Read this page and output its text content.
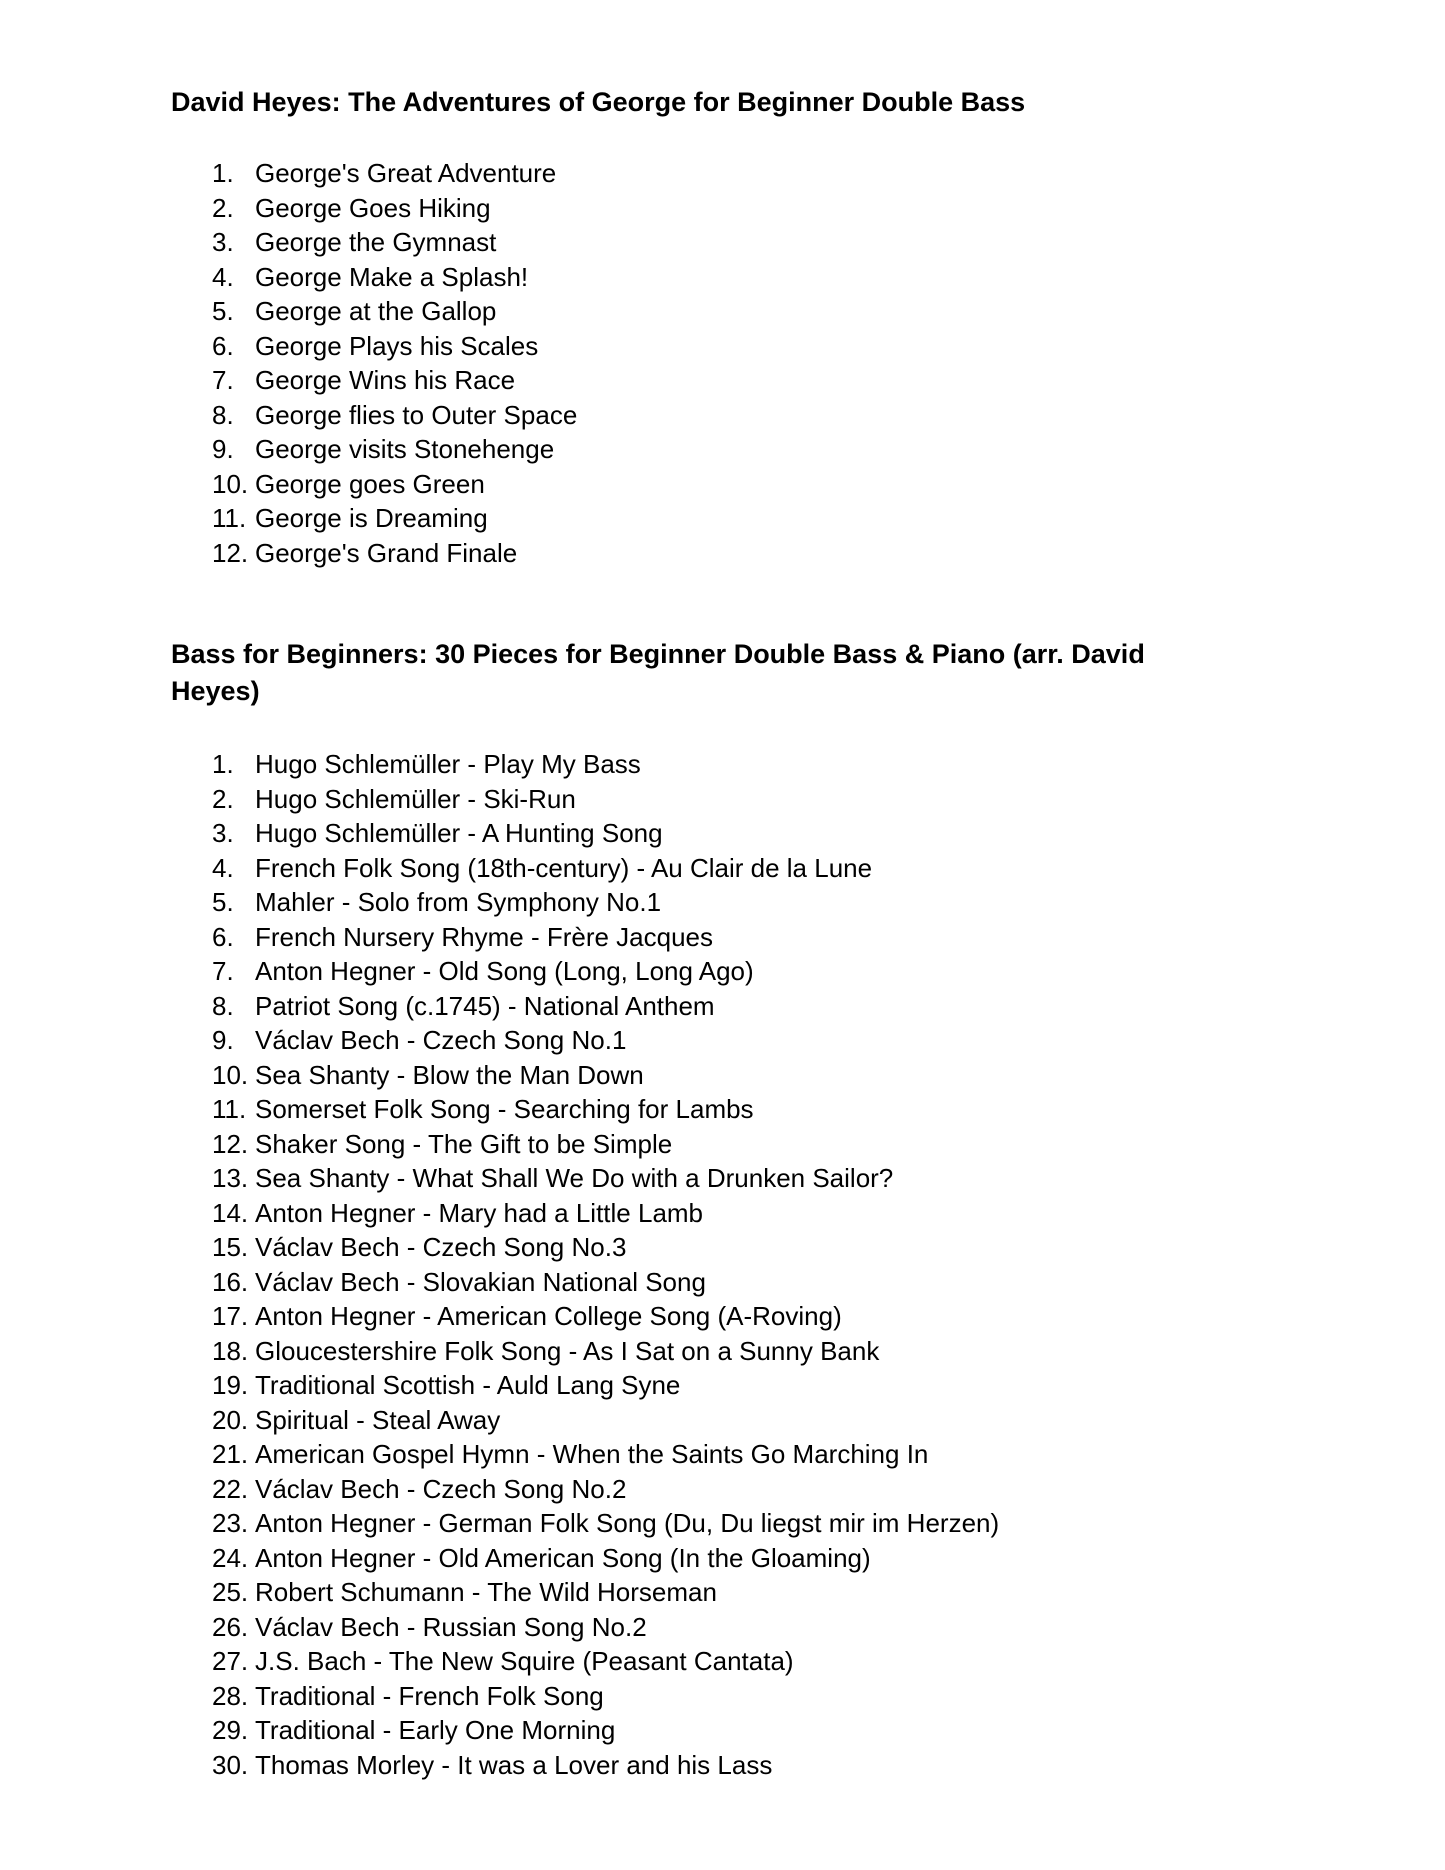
David Heyes: The Adventures of George for Beginner Double Bass
1. George's Great Adventure
2. George Goes Hiking
3. George the Gymnast
4. George Make a Splash!
5. George at the Gallop
6. George Plays his Scales
7. George Wins his Race
8. George flies to Outer Space
9. George visits Stonehenge
10. George goes Green
11. George is Dreaming
12. George's Grand Finale
Bass for Beginners: 30 Pieces for Beginner Double Bass & Piano (arr. David Heyes)
1. Hugo Schlemüller - Play My Bass
2. Hugo Schlemüller - Ski-Run
3. Hugo Schlemüller - A Hunting Song
4. French Folk Song (18th-century) - Au Clair de la Lune
5. Mahler - Solo from Symphony No.1
6. French Nursery Rhyme - Frère Jacques
7. Anton Hegner - Old Song (Long, Long Ago)
8. Patriot Song (c.1745) - National Anthem
9. Václav Bech - Czech Song No.1
10. Sea Shanty - Blow the Man Down
11. Somerset Folk Song - Searching for Lambs
12. Shaker Song - The Gift to be Simple
13. Sea Shanty - What Shall We Do with a Drunken Sailor?
14. Anton Hegner - Mary had a Little Lamb
15. Václav Bech - Czech Song No.3
16. Václav Bech - Slovakian National Song
17. Anton Hegner - American College Song (A-Roving)
18. Gloucestershire Folk Song - As I Sat on a Sunny Bank
19. Traditional Scottish - Auld Lang Syne
20. Spiritual - Steal Away
21. American Gospel Hymn - When the Saints Go Marching In
22. Václav Bech - Czech Song No.2
23. Anton Hegner - German Folk Song (Du, Du liegst mir im Herzen)
24. Anton Hegner - Old American Song (In the Gloaming)
25. Robert Schumann - The Wild Horseman
26. Václav Bech - Russian Song No.2
27. J.S. Bach - The New Squire (Peasant Cantata)
28. Traditional - French Folk Song
29. Traditional - Early One Morning
30. Thomas Morley - It was a Lover and his Lass
